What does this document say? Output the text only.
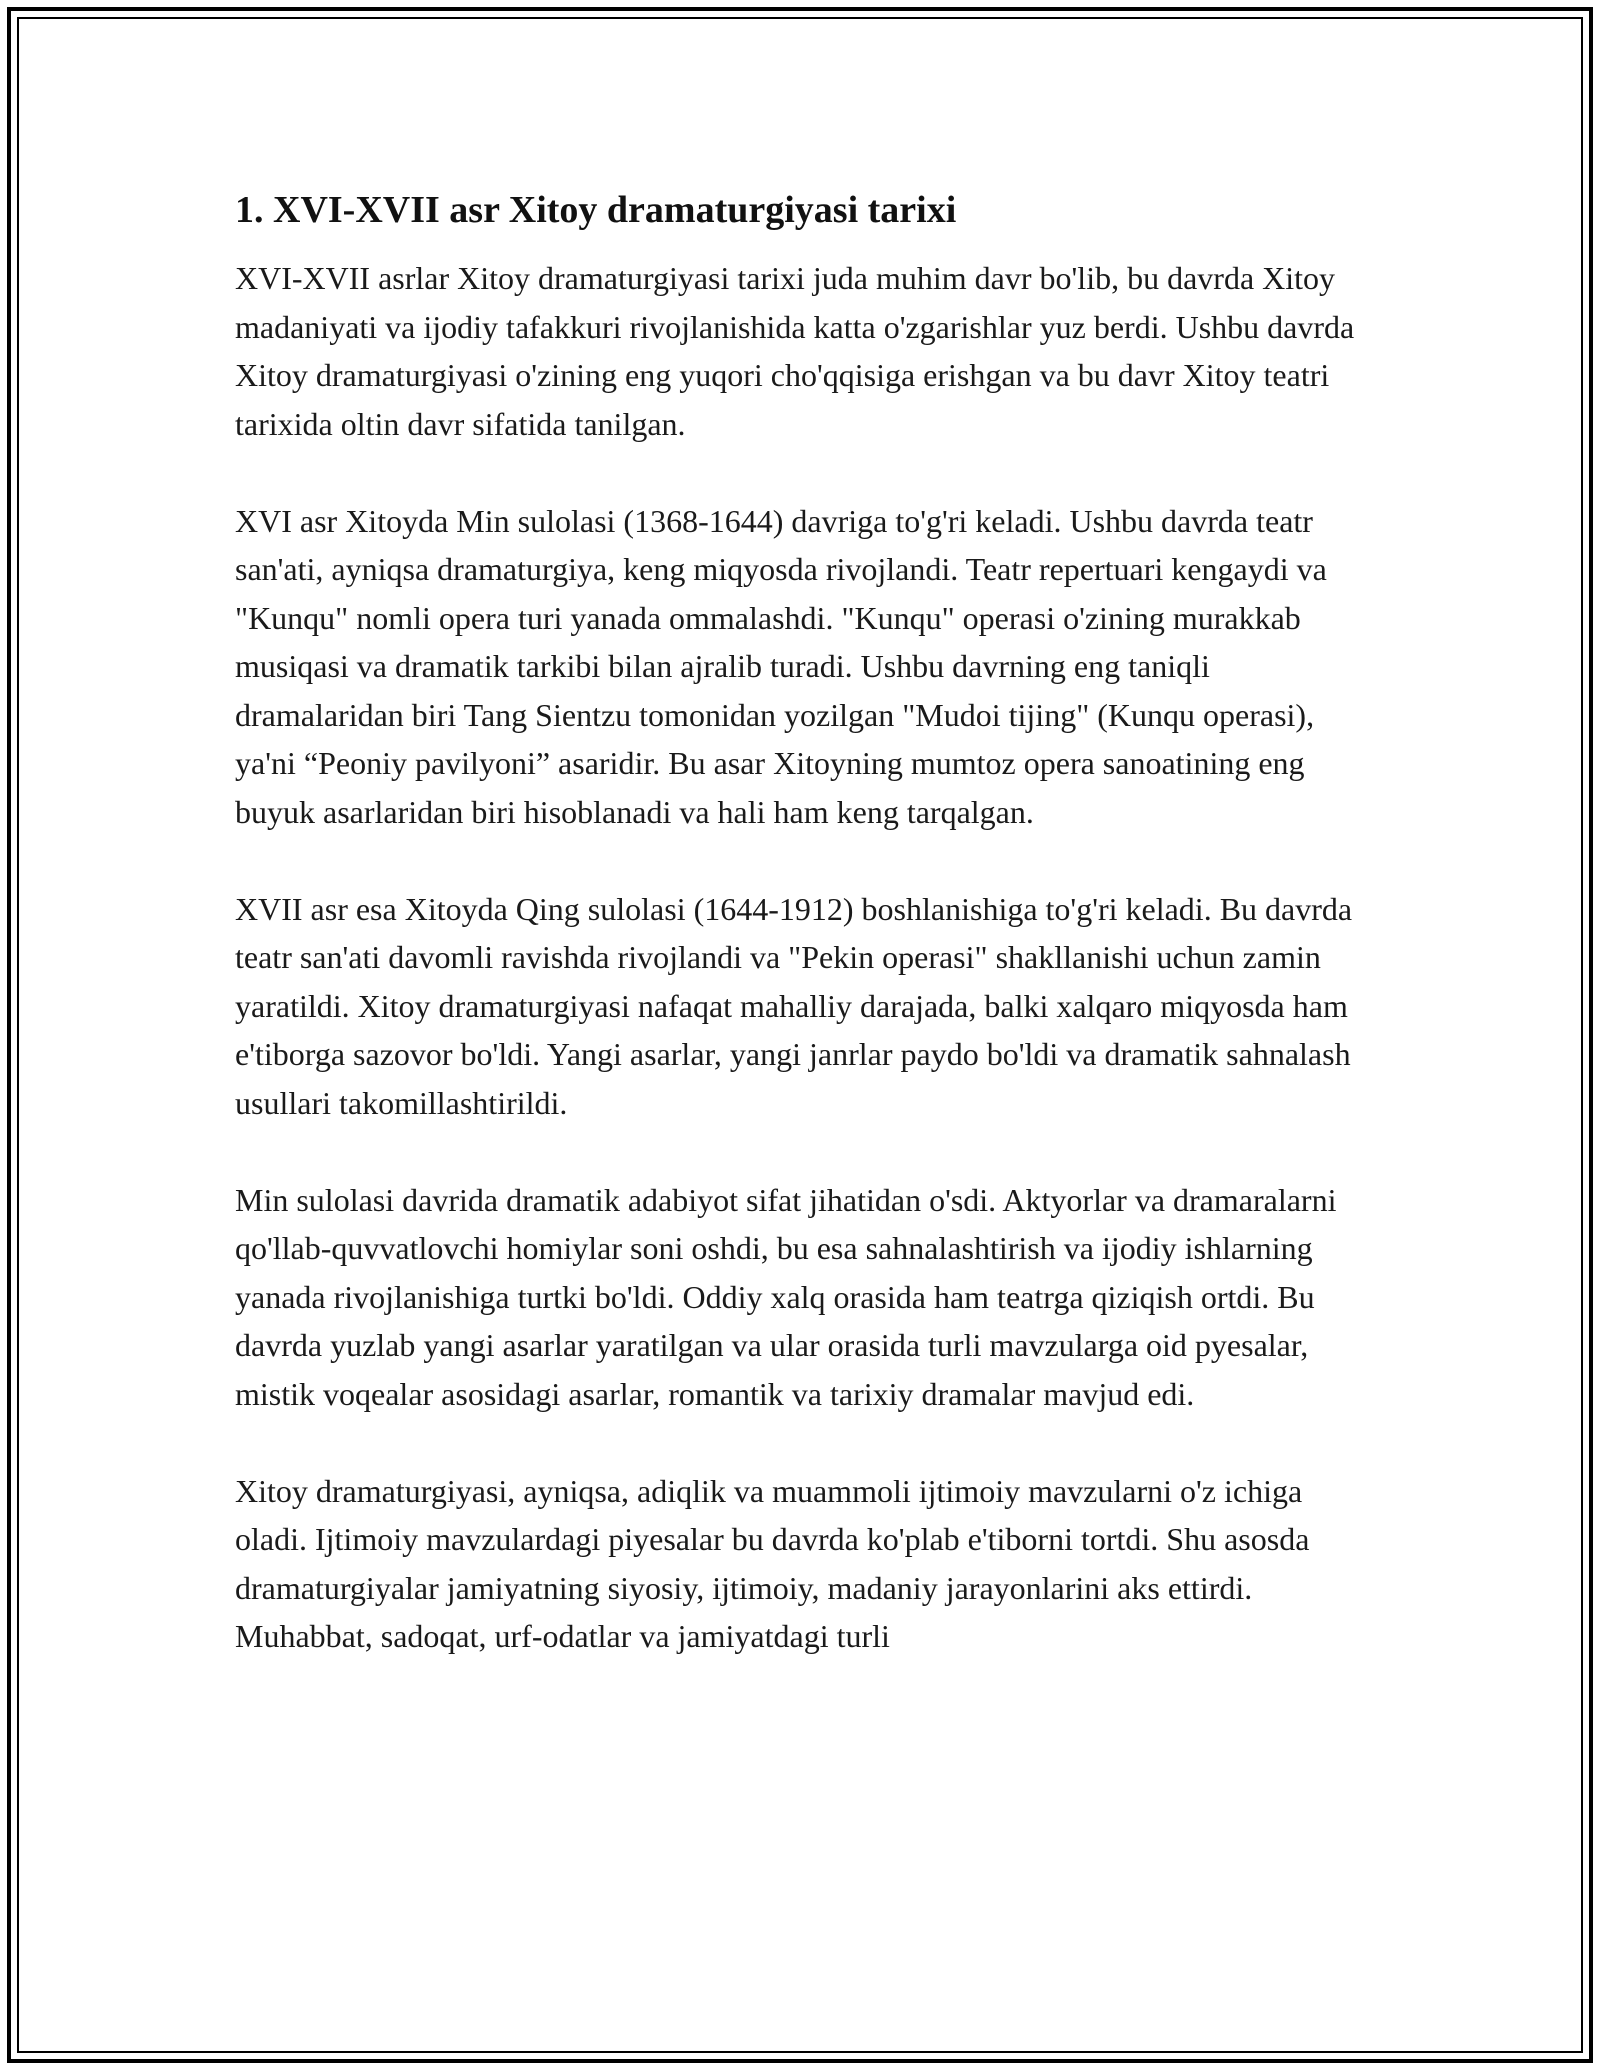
1. XVI-XVII asr Xitoy dramaturgiyasi tarixi

XVI-XVII asrlar Xitoy dramaturgiyasi tarixi juda muhim davr bo'lib, bu davrda Xitoy madaniyati va ijodiy tafakkuri rivojlanishida katta o'zgarishlar yuz berdi. Ushbu davrda Xitoy dramaturgiyasi o'zining eng yuqori cho'qqisiga erishgan va bu davr Xitoy teatri tarixida oltin davr sifatida tanilgan.

XVI asr Xitoyda Min sulolasi (1368-1644) davriga to'g'ri keladi. Ushbu davrda teatr san'ati, ayniqsa dramaturgiya, keng miqyosda rivojlandi. Teatr repertuari kengaydi va "Kunqu" nomli opera turi yanada ommalashdi. "Kunqu" operasi o'zining murakkab musiqasi va dramatik tarkibi bilan ajralib turadi. Ushbu davrning eng taniqli dramalaridan biri Tang Sientzu tomonidan yozilgan "Mudoi tijing" (Kunqu operasi), ya'ni “Peoniy pavilyoni” asaridir. Bu asar Xitoyning mumtoz opera sanoatining eng buyuk asarlaridan biri hisoblanadi va hali ham keng tarqalgan.

XVII asr esa Xitoyda Qing sulolasi (1644-1912) boshlanishiga to'g'ri keladi. Bu davrda teatr san'ati davomli ravishda rivojlandi va "Pekin operasi" shakllanishi uchun zamin yaratildi. Xitoy dramaturgiyasi nafaqat mahalliy darajada, balki xalqaro miqyosda ham e'tiborga sazovor bo'ldi. Yangi asarlar, yangi janrlar paydo bo'ldi va dramatik sahnalash usullari takomillashtirildi.

Min sulolasi davrida dramatik adabiyot sifat jihatidan o'sdi. Aktyorlar va dramaralarni qo'llab-quvvatlovchi homiylar soni oshdi, bu esa sahnalashtirish va ijodiy ishlarning yanada rivojlanishiga turtki bo'ldi. Oddiy xalq orasida ham teatrga qiziqish ortdi. Bu davrda yuzlab yangi asarlar yaratilgan va ular orasida turli mavzularga oid pyesalar, mistik voqealar asosidagi asarlar, romantik va tarixiy dramalar mavjud edi.

Xitoy dramaturgiyasi, ayniqsa, adiqlik va muammoli ijtimoiy mavzularni o'z ichiga oladi. Ijtimoiy mavzulardagi piyesalar bu davrda ko'plab e'tiborni tortdi. Shu asosda dramaturgiyalar jamiyatning siyosiy, ijtimoiy, madaniy jarayonlarini aks ettirdi. Muhabbat, sadoqat, urf-odatlar va jamiyatdagi turli
